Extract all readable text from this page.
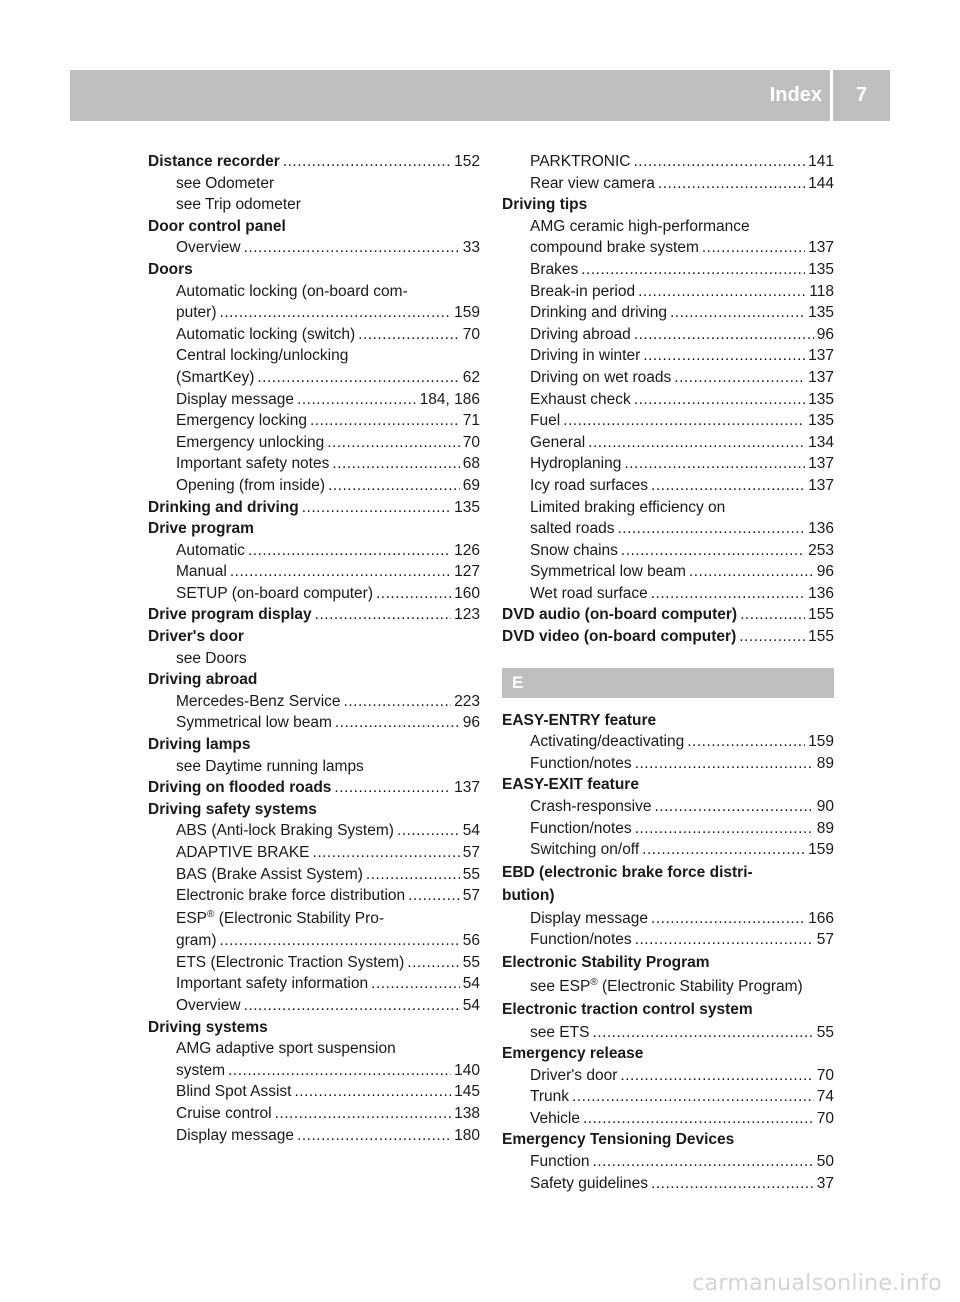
Index	7
Distance recorder .....	152
see Odometer
see Trip odometer
Door control panel
Overview .....	33
Doors
Automatic locking (on-board com-
puter) .....	159
Automatic locking (switch) .....	70
Central locking/unlocking
(SmartKey) .....	62
Display message .....	184, 186
Emergency locking .....	71
Emergency unlocking .....	70
Important safety notes .....	68
Opening (from inside) .....	69
Drinking and driving .....	135
Drive program
Automatic .....	126
Manual .....	127
SETUP (on-board computer) .....	160
Drive program display .....	123
Driver's door
see Doors
Driving abroad
Mercedes-Benz Service .....	223
Symmetrical low beam .....	96
Driving lamps
see Daytime running lamps
Driving on flooded roads .....	137
Driving safety systems
ABS (Anti-lock Braking System) .....	54
ADAPTIVE BRAKE .....	57
BAS (Brake Assist System) .....	55
Electronic brake force distribution .....	57
ESP® (Electronic Stability Pro-
gram) .....	56
ETS (Electronic Traction System) .....	55
Important safety information .....	54
Overview .....	54
Driving systems
AMG adaptive sport suspension
system .....	140
Blind Spot Assist .....	145
Cruise control .....	138
Display message .....	180
PARKTRONIC .....	141
Rear view camera .....	144
Driving tips
AMG ceramic high-performance
compound brake system .....	137
Brakes .....	135
Break-in period .....	118
Drinking and driving .....	135
Driving abroad .....	96
Driving in winter .....	137
Driving on wet roads .....	137
Exhaust check .....	135
Fuel .....	135
General .....	134
Hydroplaning .....	137
Icy road surfaces .....	137
Limited braking efficiency on
salted roads .....	136
Snow chains .....	253
Symmetrical low beam .....	96
Wet road surface .....	136
DVD audio (on-board computer) .....	155
DVD video (on-board computer) .....	155
E
EASY-ENTRY feature
Activating/deactivating .....	159
Function/notes .....	89
EASY-EXIT feature
Crash-responsive .....	90
Function/notes .....	89
Switching on/off .....	159
EBD (electronic brake force distri-
bution)
Display message .....	166
Function/notes .....	57
Electronic Stability Program
see ESP® (Electronic Stability Program)
Electronic traction control system
see ETS .....	55
Emergency release
Driver's door .....	70
Trunk .....	74
Vehicle .....	70
Emergency Tensioning Devices
Function .....	50
Safety guidelines .....	37
carmanualsonline.info
